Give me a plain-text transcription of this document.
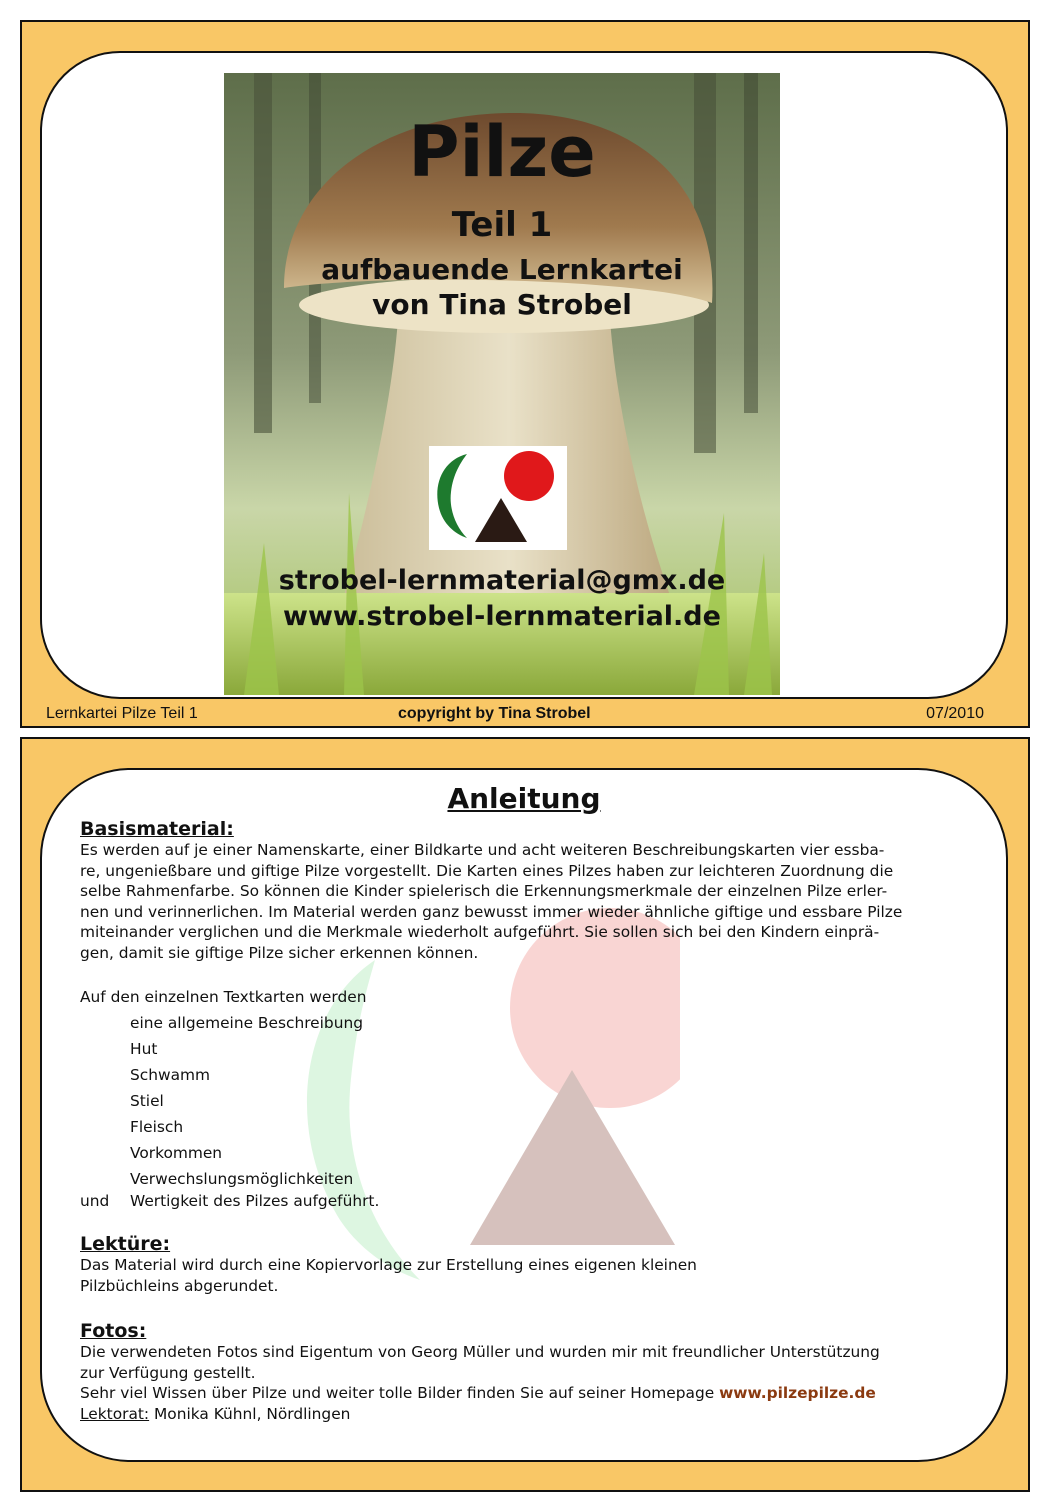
Pilze
Teil 1
aufbauende Lernkartei
von Tina Strobel
strobel-lernmaterial@gmx.de
www.strobel-lernmaterial.de
Lernkartei Pilze Teil 1	copyright by Tina Strobel	07/2010
Anleitung
Basismaterial:
Es werden auf je einer Namenskarte, einer Bildkarte und acht weiteren Beschreibungskarten vier essba-
re, ungenießbare und giftige Pilze vorgestellt. Die Karten eines Pilzes haben zur leichteren Zuordnung die
selbe Rahmenfarbe. So können die Kinder spielerisch die Erkennungsmerkmale der einzelnen Pilze erler-
nen und verinnerlichen. Im Material werden ganz bewusst immer wieder ähnliche giftige und essbare Pilze
miteinander verglichen und die Merkmale wiederholt aufgeführt. Sie sollen sich bei den Kindern einprä-
gen, damit sie giftige Pilze sicher erkennen können.
Auf den einzelnen Textkarten werden
eine allgemeine Beschreibung
Hut
Schwamm
Stiel
Fleisch
Vorkommen
Verwechslungsmöglichkeiten
und Wertigkeit des Pilzes aufgeführt.
Lektüre:
Das Material wird durch eine Kopiervorlage zur Erstellung eines eigenen kleinen
Pilzbüchleins abgerundet.
Fotos:
Die verwendeten Fotos sind Eigentum von Georg Müller und wurden mir mit freundlicher Unterstützung
zur Verfügung gestellt.
Sehr viel Wissen über Pilze und weiter tolle Bilder finden Sie auf seiner Homepage www.pilzepilze.de
Lektorat: Monika Kühnl, Nördlingen
